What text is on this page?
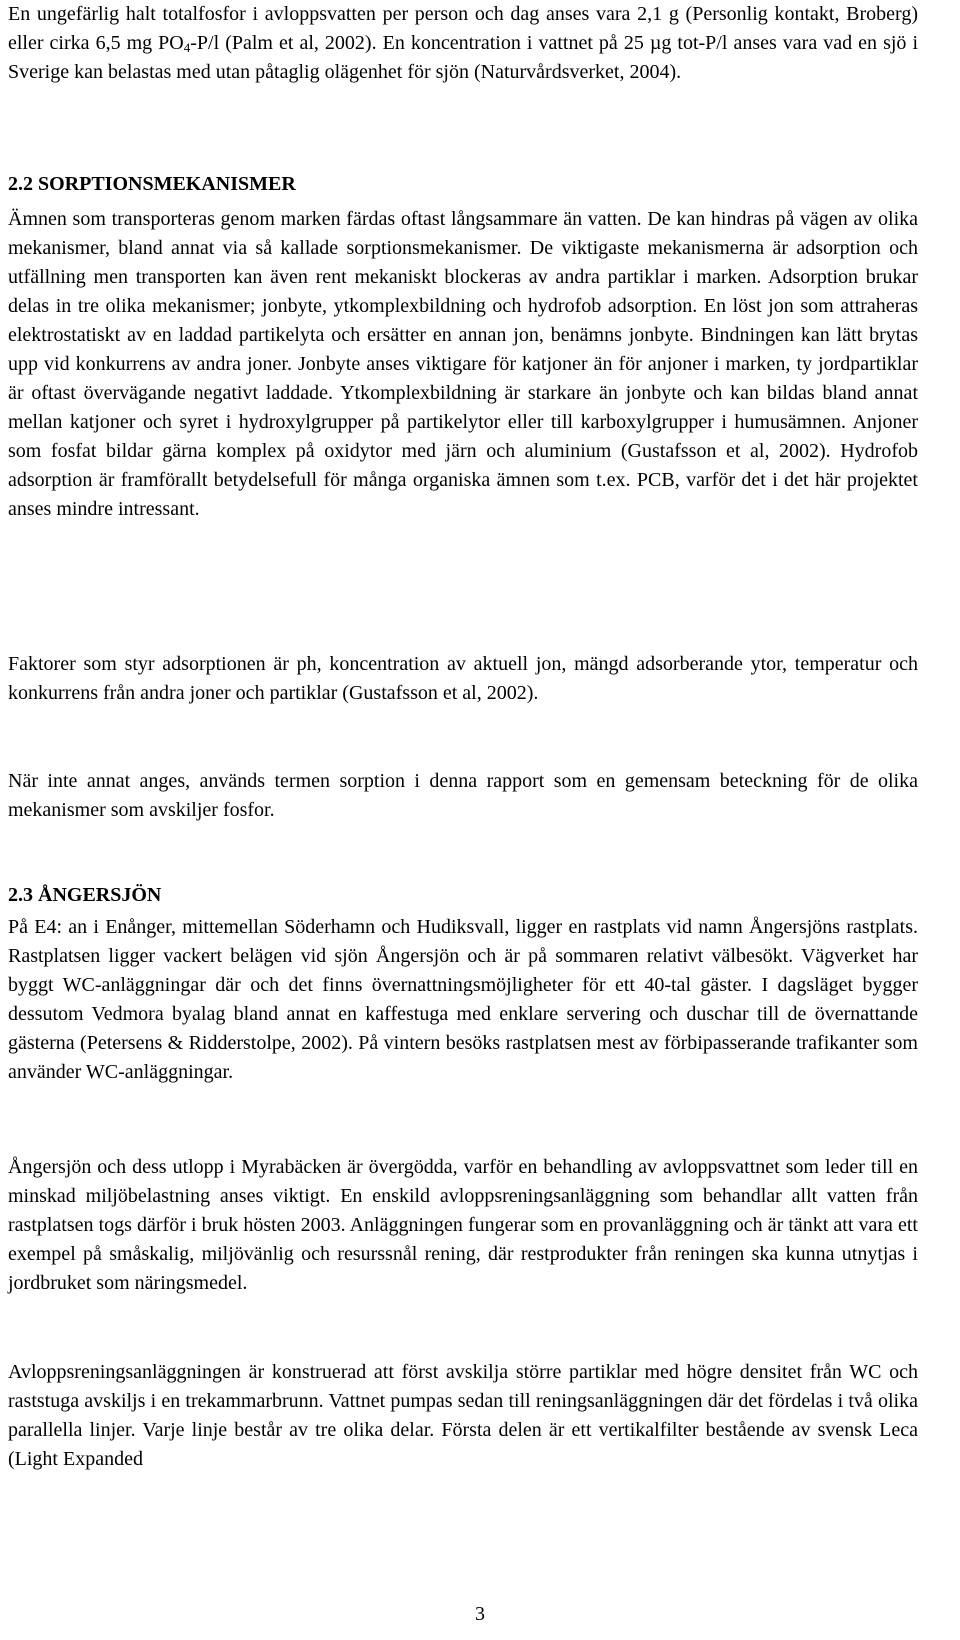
En ungefärlig halt totalfosfor i avloppsvatten per person och dag anses vara 2,1 g (Personlig kontakt, Broberg) eller cirka 6,5 mg $PO_4-P/l$ (Palm et al, 2002). En koncentration i vattnet på 25 µg tot-P/l anses vara vad en sjö i Sverige kan belastas med utan påtaglig olägenhet för sjön (Naturvårdsverket, 2004).

2.2 SORPTIONSMEKANISMER

Ämnen som transporteras genom marken färdas oftast långsammare än vatten. De kan hindras på vägen av olika mekanismer, bland annat via så kallade sorptionsmekanismer. De viktigaste mekanismerna är adsorption och utfällning men transporten kan även rent mekaniskt blockeras av andra partiklar i marken. Adsorption brukar delas in tre olika mekanismer; jonbyte, ytkomplexbildning och hydrofob adsorption. En löst jon som attraheras elektrostatiskt av en laddad partikelyta och ersätter en annan jon, benämns jonbyte. Bindningen kan lätt brytas upp vid konkurrens av andra joner. Jonbyte anses viktigare för katjoner än för anjoner i marken, ty jordpartiklar är oftast övervägande negativt laddade. Ytkomplexbildning är starkare än jonbyte och kan bildas bland annat mellan katjoner och syret i hydroxylgrupper på partikelytor eller till karboxylgrupper i humusämnen. Anjoner som fosfat bildar gärna komplex på oxidytor med järn och aluminium (Gustafsson et al, 2002). Hydrofob adsorption är framförallt betydelsefull för många organiska ämnen som t.ex. PCB, varför det i det här projektet anses mindre intressant.

Faktorer som styr adsorptionen är ph, koncentration av aktuell jon, mängd adsorberande ytor, temperatur och konkurrens från andra joner och partiklar (Gustafsson et al, 2002).

När inte annat anges, används termen sorption i denna rapport som en gemensam beteckning för de olika mekanismer som avskiljer fosfor.

2.3 ÅNGERSJÖN

På E4: an i Enånger, mittemellan Söderhamn och Hudiksvall, ligger en rastplats vid namn Ångersjöns rastplats. Rastplatsen ligger vackert belägen vid sjön Ångersjön och är på sommaren relativt välbesökt. Vägverket har byggt WC-anläggningar där och det finns övernattningsmöjligheter för ett 40-tal gäster. I dagsläget bygger dessutom Vedmora byalag bland annat en kaffestuga med enklare servering och duschar till de övernattande gästerna (Petersens & Ridderstolpe, 2002). På vintern besöks rastplatsen mest av förbipasserande trafikanter som använder WC-anläggningar.

Ångersjön och dess utlopp i Myrabäcken är övergödda, varför en behandling av avloppsvattnet som leder till en minskad miljöbelastning anses viktigt. En enskild avloppsreningsanläggning som behandlar allt vatten från rastplatsen togs därför i bruk hösten 2003. Anläggningen fungerar som en provanläggning och är tänkt att vara ett exempel på småskalig, miljövänlig och resurssnål rening, där restprodukter från reningen ska kunna utnytjas i jordbruket som näringsmedel.

Avloppsreningsanläggningen är konstruerad att först avskilja större partiklar med högre densitet från WC och raststuga avskiljs i en trekammarbrunn. Vattnet pumpas sedan till reningsanläggningen där det fördelas i två olika parallella linjer. Varje linje består av tre olika delar. Första delen är ett vertikalfilter bestående av svensk Leca (Light Expanded

3
